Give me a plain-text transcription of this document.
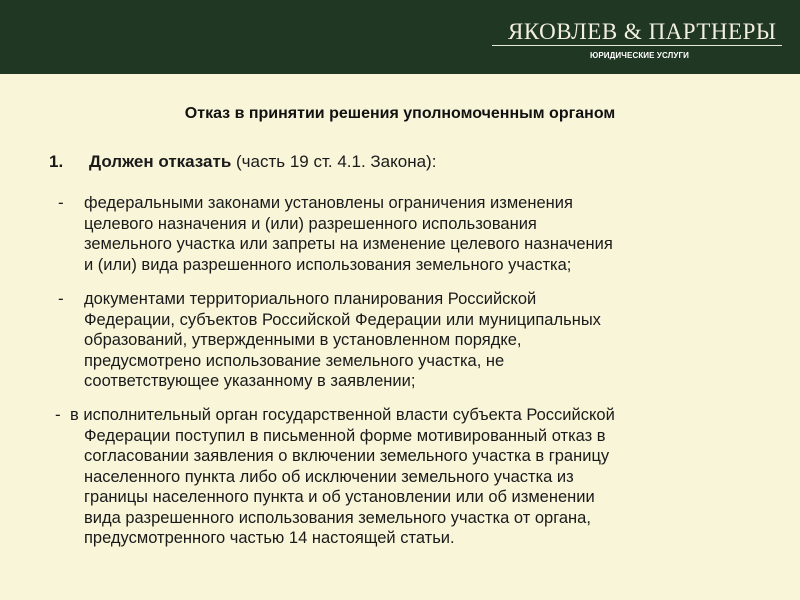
ЯКОВЛЕВ & ПАРТНЕРЫ
ЮРИДИЧЕСКИЕ УСЛУГИ
Отказ в принятии решения уполномоченным органом
1. Должен отказать (часть 19 ст. 4.1. Закона):
- федеральными законами установлены ограничения изменения
целевого назначения и (или) разрешенного использования
земельного участка или запреты на изменение целевого назначения
и (или) вида разрешенного использования земельного участка;
- документами территориального планирования Российской
Федерации, субъектов Российской Федерации или муниципальных
образований, утвержденными в установленном порядке,
предусмотрено использование земельного участка, не
соответствующее указанному в заявлении;
- в исполнительный орган государственной власти субъекта Российской
Федерации поступил в письменной форме мотивированный отказ в
согласовании заявления о включении земельного участка в границу
населенного пункта либо об исключении земельного участка из
границы населенного пункта и об установлении или об изменении
вида разрешенного использования земельного участка от органа,
предусмотренного частью 14 настоящей статьи.
